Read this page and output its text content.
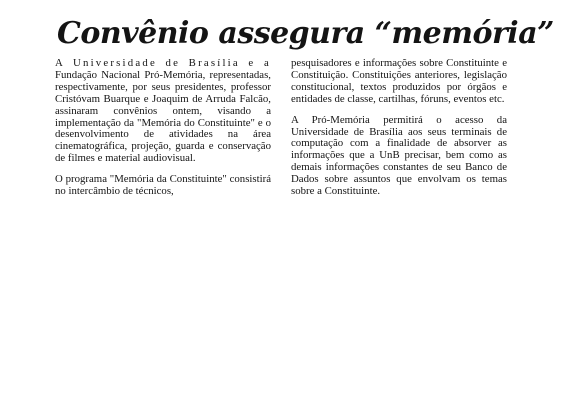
Convênio assegura “memória”

A Universidade de Brasília e a Fundação Nacional Pró-Memória, representadas, respectivamente, por seus presidentes, professor Cristóvam Buarque e Joaquim de Arruda Falcão, assinaram convênios ontem, visando a implementação da "Memória do Constituinte" e o desenvolvimento de atividades na área cinematográfica, projeção, guarda e conservação de filmes e material audiovisual.

O programa "Memória da Constituinte" consistirá no intercâmbio de técnicos,

pesquisadores e informações sobre Constituinte e Constituição. Constituições anteriores, legislação constitucional, textos produzidos por órgãos e entidades de classe, cartilhas, fóruns, eventos etc.

A Pró-Memória permitirá o acesso da Universidade de Brasília aos seus terminais de computação com a finalidade de absorver as informações que a UnB precisar, bem como as demais informações constantes de seu Banco de Dados sobre assuntos que envolvam os temas sobre a Constituinte.
